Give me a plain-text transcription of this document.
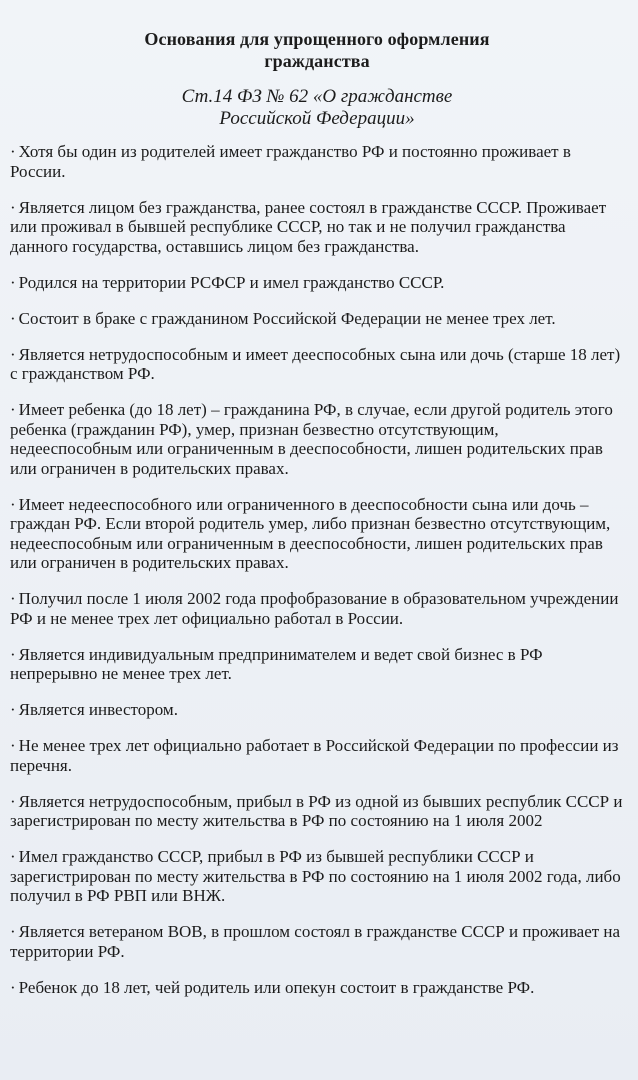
Основания для упрощенного оформления
гражданства
Ст.14 ФЗ № 62 «О гражданстве
Российской Федерации»
· Хотя бы один из родителей имеет гражданство РФ и постоянно проживает в России.
· Является лицом без гражданства, ранее состоял в гражданстве СССР. Проживает или проживал в бывшей республике СССР, но так и не получил гражданства данного государства, оставшись лицом без гражданства.
· Родился на территории РСФСР и имел гражданство СССР.
· Состоит в браке с гражданином Российской Федерации не менее трех лет.
· Является нетрудоспособным и имеет дееспособных сына или дочь (старше 18 лет) с гражданством РФ.
· Имеет ребенка (до 18 лет) – гражданина РФ, в случае, если другой родитель этого ребенка (гражданин РФ), умер, признан безвестно отсутствующим, недееспособным или ограниченным в дееспособности, лишен родительских прав или ограничен в родительских правах.
· Имеет недееспособного или ограниченного в дееспособности сына или дочь – граждан РФ. Если второй родитель умер, либо признан безвестно отсутствующим, недееспособным или ограниченным в дееспособности, лишен родительских прав или ограничен в родительских правах.
· Получил после 1 июля 2002 года профобразование в образовательном учреждении РФ и не менее трех лет официально работал в России.
· Является индивидуальным предпринимателем и ведет свой бизнес в РФ непрерывно не менее трех лет.
· Является инвестором.
· Не менее трех лет официально работает в Российской Федерации по профессии из перечня.
· Является нетрудоспособным, прибыл в РФ из одной из бывших республик СССР и зарегистрирован по месту жительства в РФ по состоянию на 1 июля 2002
· Имел гражданство СССР, прибыл в РФ из бывшей республики СССР и зарегистрирован по месту жительства в РФ по состоянию на 1 июля 2002 года, либо получил в РФ РВП или ВНЖ.
· Является ветераном ВОВ, в прошлом состоял в гражданстве СССР и проживает на территории РФ.
· Ребенок до 18 лет, чей родитель или опекун состоит в гражданстве РФ.
